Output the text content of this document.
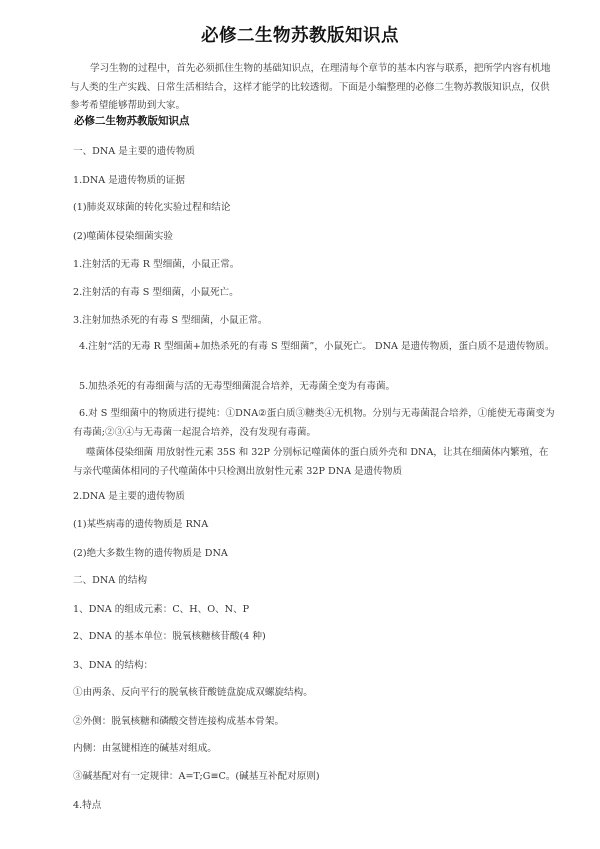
必修二生物苏教版知识点

学习生物的过程中，首先必须抓住生物的基础知识点，在理清每个章节的基本内容与联系，把所学内容有机地与人类的生产实践、日常生活相结合，这样才能学的比较透彻。下面是小编整理的必修二生物苏教版知识点，仅供参考希望能够帮助到大家。

必修二生物苏教版知识点
一、DNA 是主要的遗传物质
1.DNA 是遗传物质的证据
(1)肺炎双球菌的转化实验过程和结论
(2)噬菌体侵染细菌实验
1.注射活的无毒 R 型细菌，小鼠正常。
2.注射活的有毒 S 型细菌，小鼠死亡。
3.注射加热杀死的有毒 S 型细菌，小鼠正常。
4.注射“活的无毒 R 型细菌+加热杀死的有毒 S 型细菌”，小鼠死亡。 DNA 是遗传物质，蛋白质不是遗传物质。
5.加热杀死的有毒细菌与活的无毒型细菌混合培养，无毒菌全变为有毒菌。
6.对 S 型细菌中的物质进行提纯：①DNA②蛋白质③糖类④无机物。分别与无毒菌混合培养，①能使无毒菌变为有毒菌;②③④与无毒菌一起混合培养，没有发现有毒菌。
噬菌体侵染细菌 用放射性元素 35S 和 32P 分别标记噬菌体的蛋白质外壳和 DNA，让其在细菌体内繁殖，在与亲代噬菌体相同的子代噬菌体中只检测出放射性元素 32P DNA 是遗传物质
2.DNA 是主要的遗传物质
(1)某些病毒的遗传物质是 RNA
(2)绝大多数生物的遗传物质是 DNA
二、DNA 的结构
1、DNA 的组成元素：C、H、O、N、P
2、DNA 的基本单位：脱氧核糖核苷酸(4 种)
3、DNA 的结构：
①由两条、反向平行的脱氧核苷酸链盘旋成双螺旋结构。
②外侧：脱氧核糖和磷酸交替连接构成基本骨架。
内侧：由氢键相连的碱基对组成。
③碱基配对有一定规律：A=T;G≡C。(碱基互补配对原则)
4.特点
